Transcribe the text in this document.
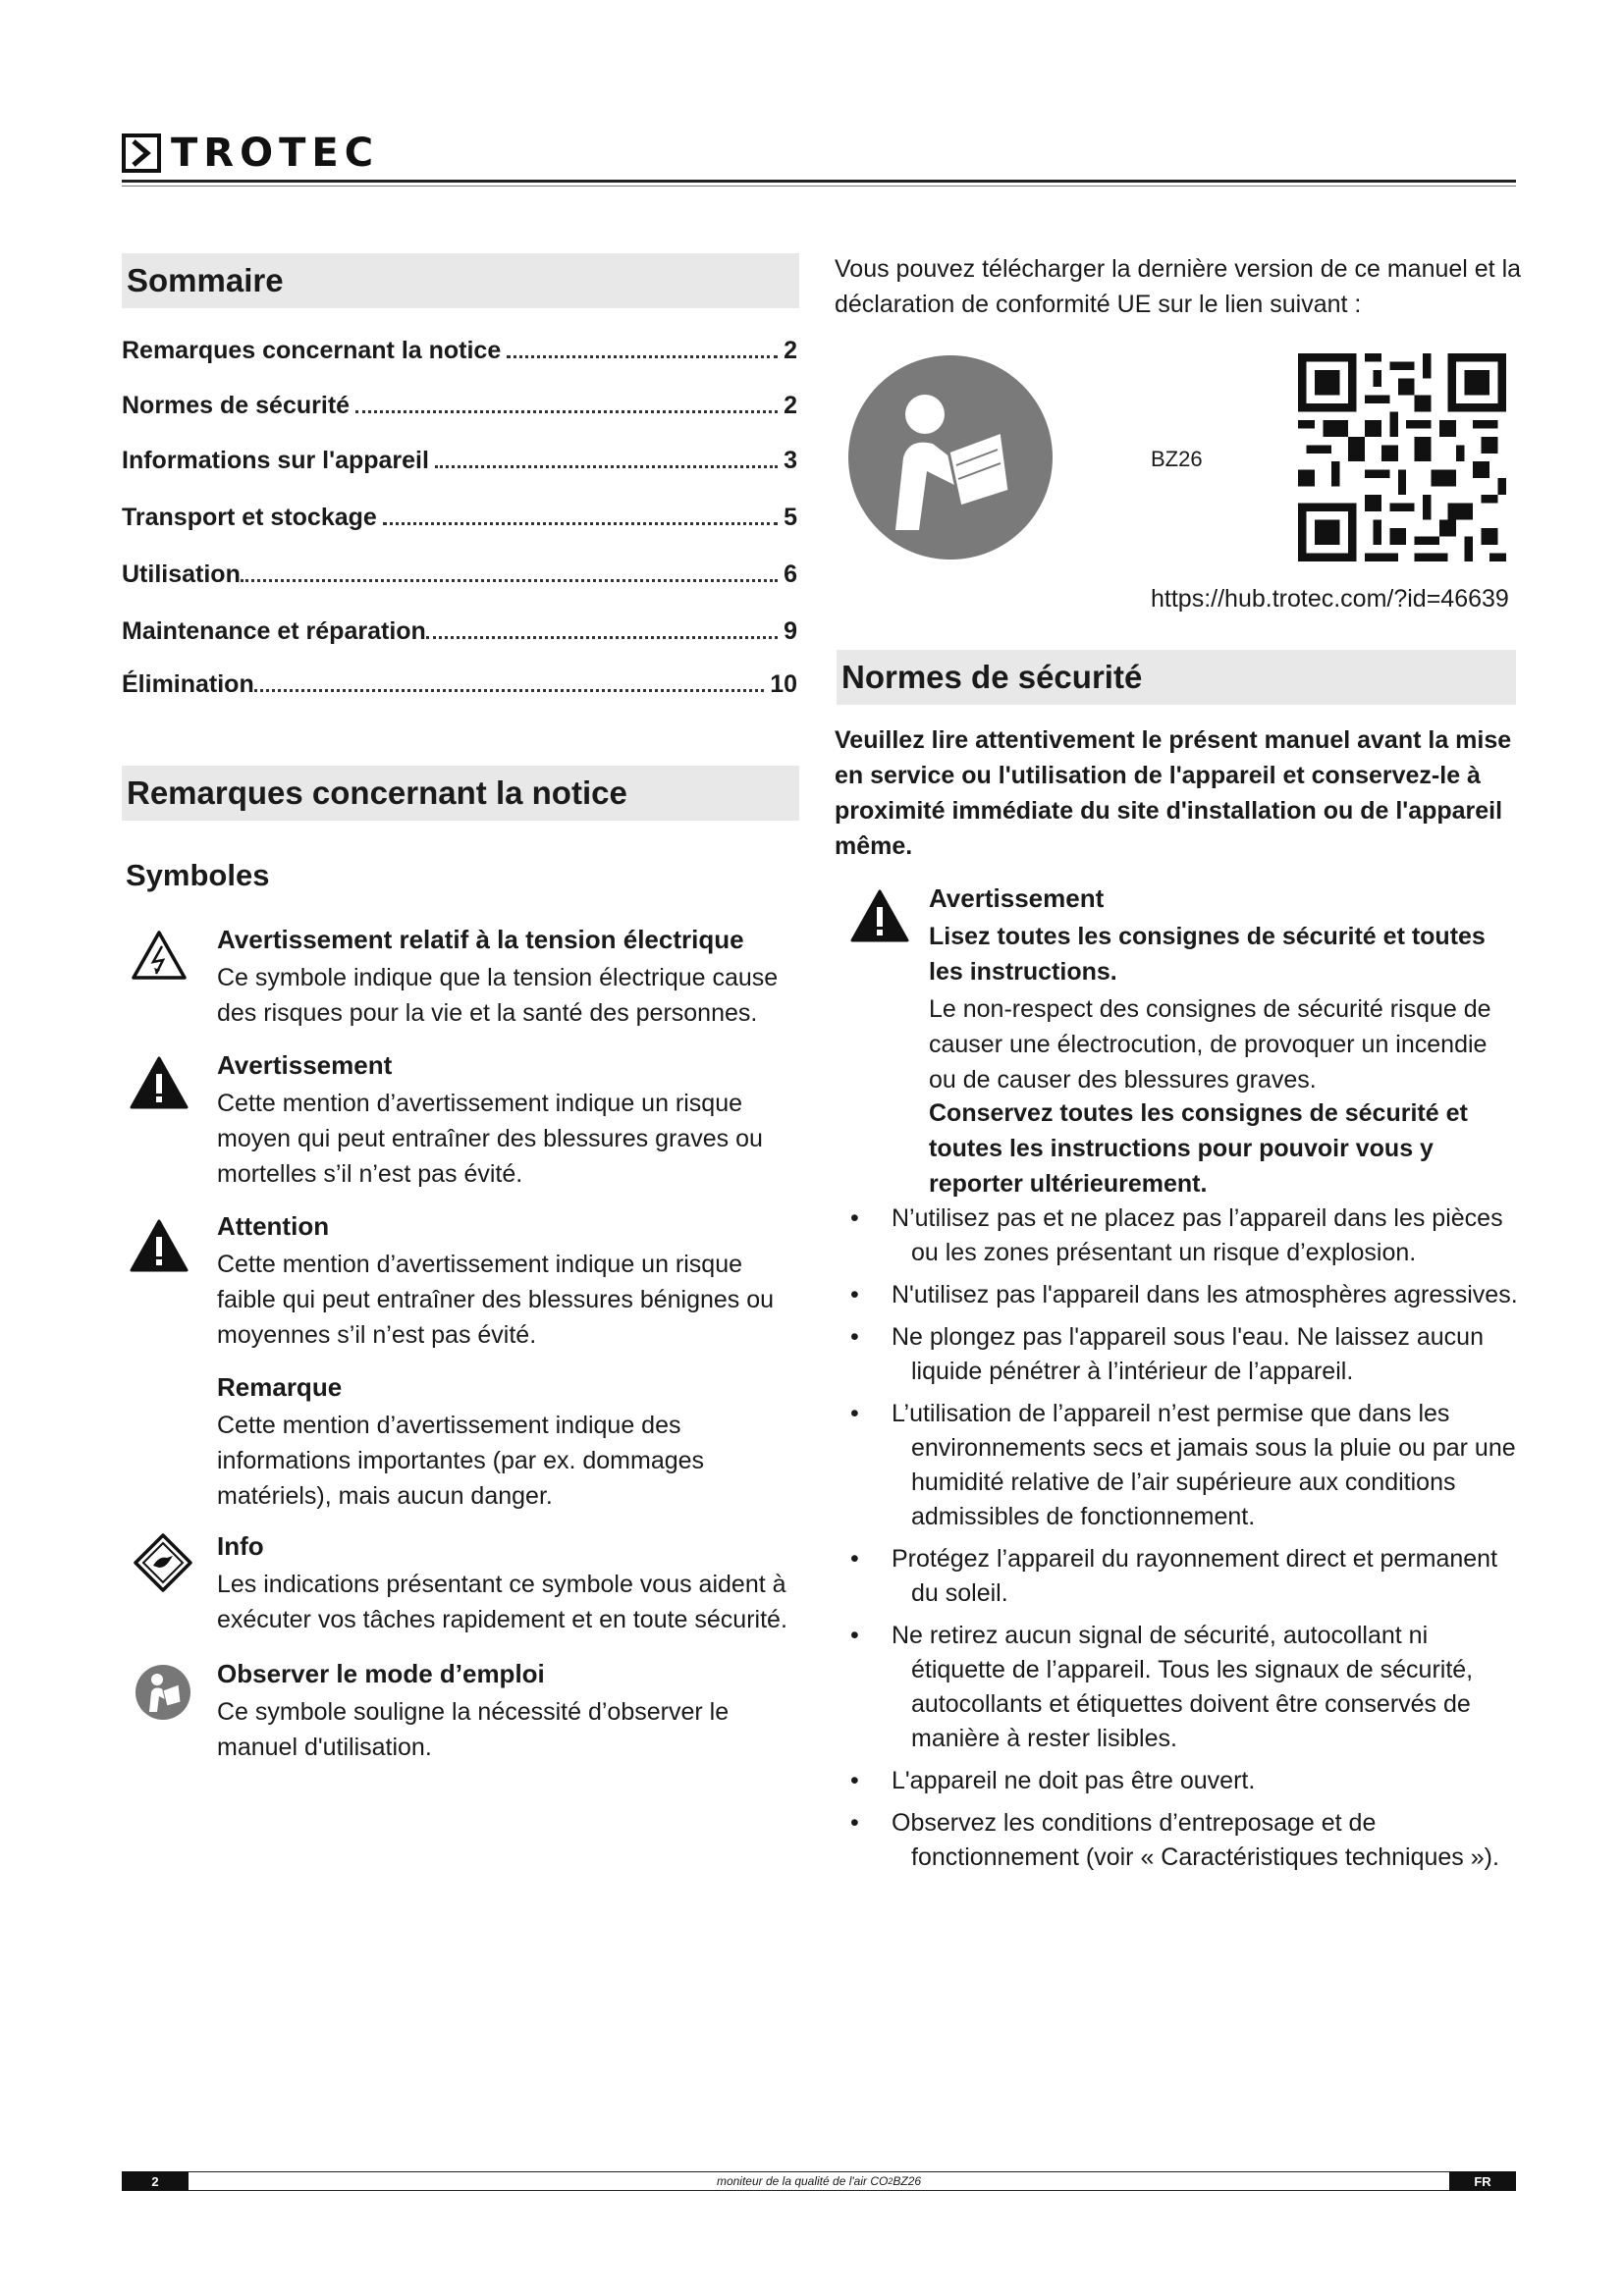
TROTEC
Sommaire
Remarques concernant la notice	2
Normes de sécurité	2
Informations sur l'appareil	3
Transport et stockage	5
Utilisation	6
Maintenance et réparation	9
Élimination	10
Remarques concernant la notice
Symboles
Avertissement relatif à la tension électrique
Ce symbole indique que la tension électrique cause des risques pour la vie et la santé des personnes.
Avertissement
Cette mention d’avertissement indique un risque moyen qui peut entraîner des blessures graves ou mortelles s’il n’est pas évité.
Attention
Cette mention d’avertissement indique un risque faible qui peut entraîner des blessures bénignes ou moyennes s’il n’est pas évité.
Remarque
Cette mention d’avertissement indique des informations importantes (par ex. dommages matériels), mais aucun danger.
Info
Les indications présentant ce symbole vous aident à exécuter vos tâches rapidement et en toute sécurité.
Observer le mode d’emploi
Ce symbole souligne la nécessité d’observer le manuel d'utilisation.
Vous pouvez télécharger la dernière version de ce manuel et la déclaration de conformité UE sur le lien suivant :
BZ26
https://hub.trotec.com/?id=46639
Normes de sécurité
Veuillez lire attentivement le présent manuel avant la mise en service ou l'utilisation de l'appareil et conservez-le à proximité immédiate du site d'installation ou de l'appareil même.
Avertissement
Lisez toutes les consignes de sécurité et toutes les instructions.
Le non-respect des consignes de sécurité risque de causer une électrocution, de provoquer un incendie ou de causer des blessures graves.
Conservez toutes les consignes de sécurité et toutes les instructions pour pouvoir vous y reporter ultérieurement.
• N’utilisez pas et ne placez pas l’appareil dans les pièces ou les zones présentant un risque d’explosion.
• N'utilisez pas l'appareil dans les atmosphères agressives.
• Ne plongez pas l'appareil sous l'eau. Ne laissez aucun liquide pénétrer à l’intérieur de l’appareil.
• L’utilisation de l’appareil n’est permise que dans les environnements secs et jamais sous la pluie ou par une humidité relative de l’air supérieure aux conditions admissibles de fonctionnement.
• Protégez l’appareil du rayonnement direct et permanent du soleil.
• Ne retirez aucun signal de sécurité, autocollant ni étiquette de l’appareil. Tous les signaux de sécurité, autocollants et étiquettes doivent être conservés de manière à rester lisibles.
• L'appareil ne doit pas être ouvert.
• Observez les conditions d’entreposage et de fonctionnement (voir « Caractéristiques techniques »).
2	moniteur de la qualité de l'air CO 2 BZ26	FR
